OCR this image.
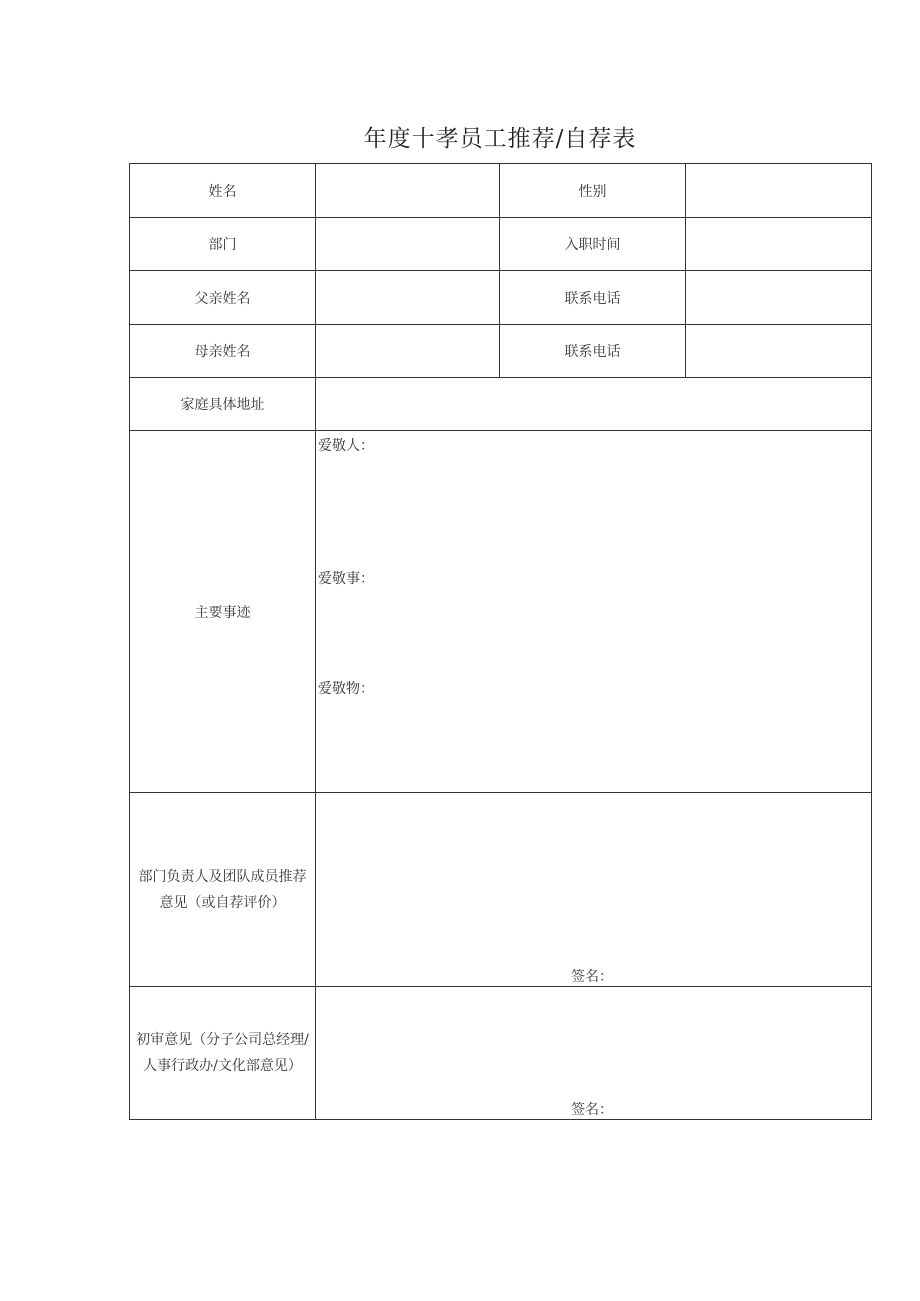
年度十孝员工推荐/自荐表
姓名		性别	
部门		入职时间	
父亲姓名		联系电话	
母亲姓名		联系电话	
家庭具体地址			
主要事迹	爱敬人：
爱敬事：
爱敬物：		

部门负责人及团队成员推荐意见（或自荐评价）	签名：		

初审意见（分子公司总经理/人事行政办/文化部意见）	签名：		
